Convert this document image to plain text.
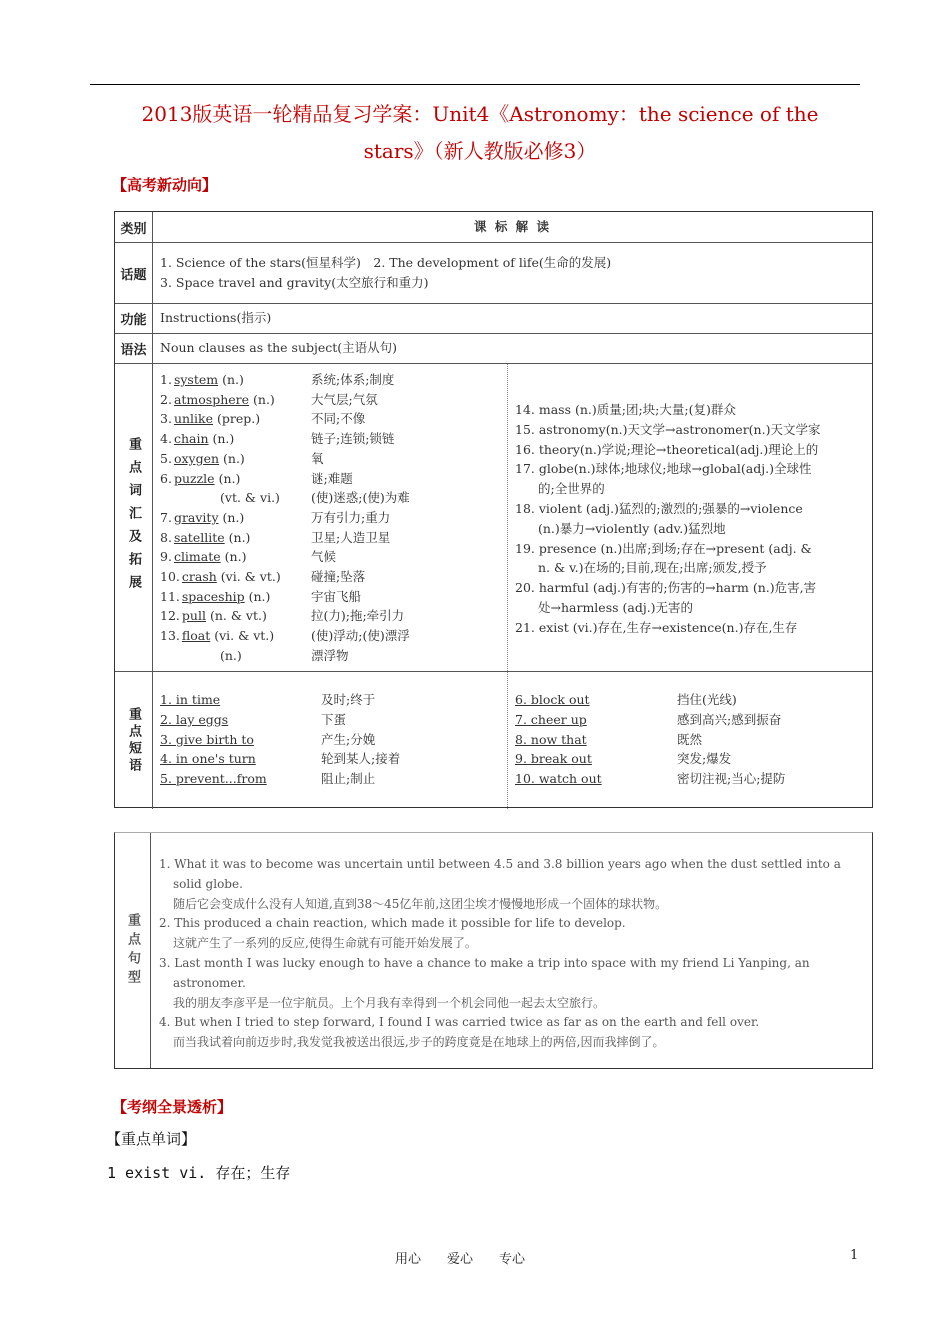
2013版英语一轮精品复习学案：Unit4《Astronomy：the science of the
stars》（新人教版必修3）
【高考新动向】
类别	课 标 解 读
话题
1. Science of the stars(恒星科学)　2. The development of life(生命的发展)
3. Space travel and gravity(太空旅行和重力)
功能	Instructions(指示)
语法	Noun clauses as the subject(主语从句)
重点词汇及拓展
1. system (n.)	系统;体系;制度
2. atmosphere (n.)	大气层;气氛
3. unlike (prep.)	不同;不像
4. chain (n.)	链子;连锁;锁链
5. oxygen (n.)	氧
6. puzzle (n.)	谜;难题
(vt. & vi.) (使)迷惑;(使)为难
7. gravity (n.)	万有引力;重力
8. satellite (n.)	卫星;人造卫星
9. climate (n.)	气候
10. crash (vi. & vt.) 碰撞;坠落
11. spaceship (n.)	宇宙飞船
12. pull (n. & vt.)	拉(力);拖;牵引力
13. float (vi. & vt.)	(使)浮动;(使)漂浮
(n.)	漂浮物
14. mass (n.)质量;团;块;大量;(复)群众
15. astronomy(n.)天文学→astronomer(n.)天文学家
16. theory(n.)学说;理论→theoretical(adj.)理论上的
17. globe(n.)球体;地球仪;地球→global(adj.)全球性
的;全世界的
18. violent (adj.)猛烈的;激烈的;强暴的→violence
(n.)暴力→violently (adv.)猛烈地
19. presence (n.)出席;到场;存在→present (adj. &
n. & v.)在场的;目前,现在;出席;颁发,授予
20. harmful (adj.)有害的;伤害的→harm (n.)危害,害
处→harmless (adj.)无害的
21. exist (vi.)存在,生存→existence(n.)存在,生存
重点短语
1. in time	及时;终于
2. lay eggs	下蛋
3. give birth to	产生;分娩
4. in one's turn	轮到某人;接着
5. prevent...from	阻止;制止
6. block out	挡住(光线)
7. cheer up	感到高兴;感到振奋
8. now that	既然
9. break out	突发;爆发
10. watch out	密切注视;当心;提防
重点句型
1. What it was to become was uncertain until between 4.5 and 3.8 billion years ago when the dust settled into a
solid globe.
随后它会变成什么没有人知道,直到38～45亿年前,这团尘埃才慢慢地形成一个固体的球状物。
2. This produced a chain reaction, which made it possible for life to develop.
这就产生了一系列的反应,使得生命就有可能开始发展了。
3. Last month I was lucky enough to have a chance to make a trip into space with my friend Li Yanping, an
astronomer.
我的朋友李彦平是一位宇航员。上个月我有幸得到一个机会同他一起去太空旅行。
4. But when I tried to step forward, I found I was carried twice as far as on the earth and fell over.
而当我试着向前迈步时,我发觉我被送出很远,步子的跨度竟是在地球上的两倍,因而我摔倒了。
【考纲全景透析】
【重点单词】
1 exist vi. 存在；生存
用心　　爱心　　专心	1
